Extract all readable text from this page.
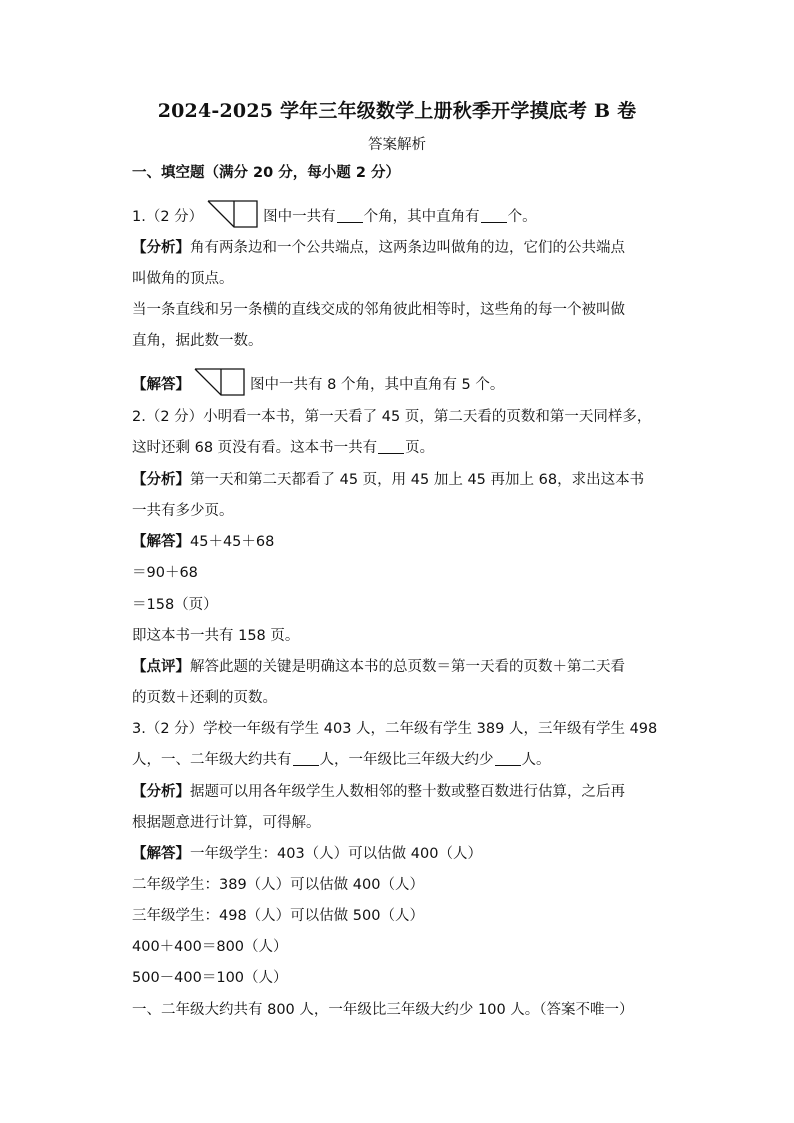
2024-2025 学年三年级数学上册秋季开学摸底考 B 卷
答案解析
一、填空题（满分 20 分，每小题 2 分）
1.（2 分）	图中一共有 个角，其中直角有 个。
【分析】角有两条边和一个公共端点，这两条边叫做角的边，它们的公共端点
叫做角的顶点。
当一条直线和另一条横的直线交成的邻角彼此相等时，这些角的每一个被叫做
直角，据此数一数。
【解答】	图中一共有 8 个角，其中直角有 5 个。
2.（2 分）小明看一本书，第一天看了 45 页，第二天看的页数和第一天同样多，
这时还剩 68 页没有看。这本书一共有 页。
【分析】第一天和第二天都看了 45 页，用 45 加上 45 再加上 68，求出这本书
一共有多少页。
【解答】45＋45＋68
＝90＋68
＝158（页）
即这本书一共有 158 页。
【点评】解答此题的关键是明确这本书的总页数＝第一天看的页数＋第二天看
的页数＋还剩的页数。
3.（2 分）学校一年级有学生 403 人，二年级有学生 389 人，三年级有学生 498
人，一、二年级大约共有 人，一年级比三年级大约少 人。
【分析】据题可以用各年级学生人数相邻的整十数或整百数进行估算，之后再
根据题意进行计算，可得解。
【解答】一年级学生：403（人）可以估做 400（人）
二年级学生：389（人）可以估做 400（人）
三年级学生：498（人）可以估做 500（人）
400＋400＝800（人）
500－400＝100（人）
一、二年级大约共有 800 人，一年级比三年级大约少 100 人。（答案不唯一）
